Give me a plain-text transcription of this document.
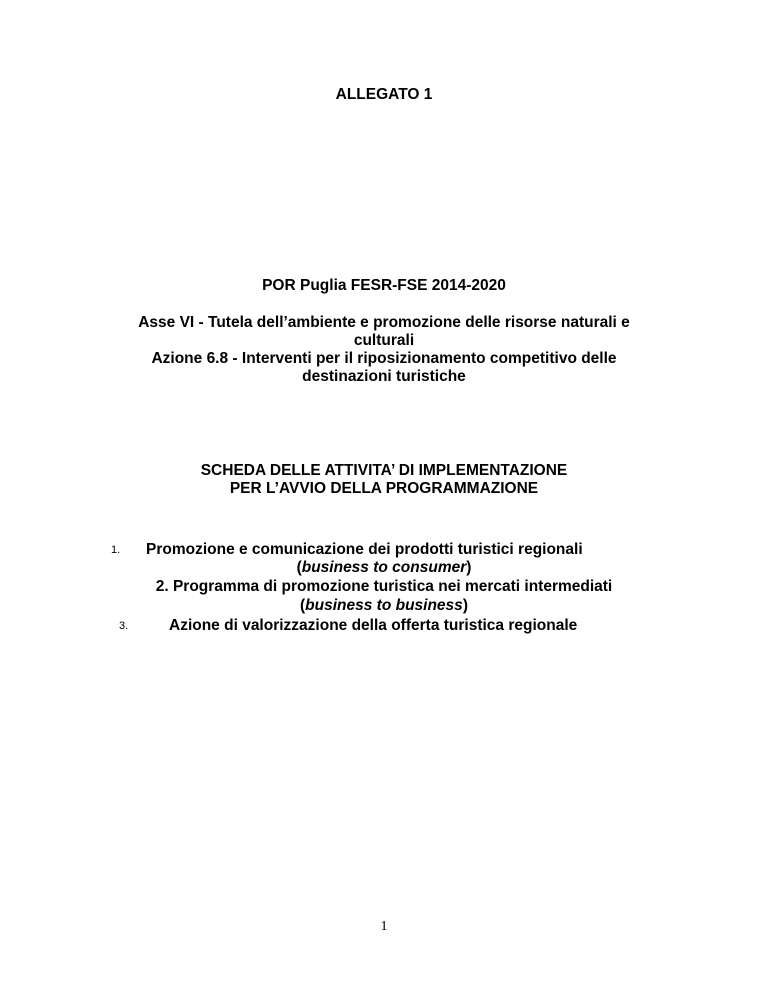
ALLEGATO 1
POR Puglia FESR-FSE 2014-2020
Asse VI - Tutela dell’ambiente e promozione delle risorse naturali e
culturali
Azione 6.8 - Interventi per il riposizionamento competitivo delle
destinazioni turistiche
SCHEDA DELLE ATTIVITA’ DI IMPLEMENTAZIONE
PER L’AVVIO DELLA PROGRAMMAZIONE
1. Promozione e comunicazione dei prodotti turistici regionali
(business to consumer)
2. Programma di promozione turistica nei mercati intermediati
(business to business)
3.	Azione di valorizzazione della offerta turistica regionale
1
